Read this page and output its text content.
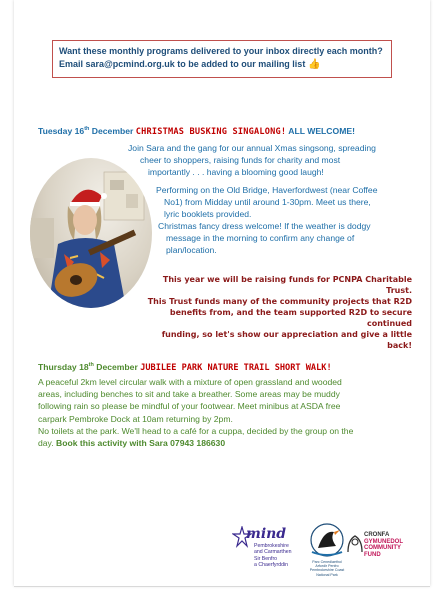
Want these monthly programs delivered to your inbox directly each month?
Email sara@pcmind.org.uk to be added to our mailing list 👍
Tuesday 16th December CHRISTMAS BUSKING SINGALONG! ALL WELCOME!
Join Sara and the gang for our annual Xmas singsong, spreading
cheer to shoppers, raising funds for charity and most
importantly . . . having a blooming good laugh!
Performing on the Old Bridge, Haverfordwest (near Coffee
No1) from Midday until around 1-30pm. Meet us there,
lyric booklets provided.
Christmas fancy dress welcome! If the weather is dodgy
message in the morning to confirm any change of
plan/location.
This year we will be raising funds for PCNPA Charitable Trust.
This Trust funds many of the community projects that R2D
benefits from, and the team supported R2D to secure continued
funding, so let's show our appreciation and give a little back!
Thursday 18th December JUBILEE PARK NATURE TRAIL SHORT WALK!
A peaceful 2km level circular walk with a mixture of open grassland and wooded
areas, including benches to sit and take a breather. Some areas may be muddy
following rain so please be mindful of your footwear. Meet minibus at ASDA free
carpark Pembroke Dock at 10am returning by 2pm.
No toilets at the park. We'll head to a café for a cuppa, decided by the group on the
day. Book this activity with Sara 07943 186630
mind
Pembrokeshire
and Carmarthen
Sir Benfro
a Chaerfyrddin	Parc Cenedlaethol
Arfordir Penfro
Pembrokeshire Coast
National Park
CRONFA
GYMUNEDOL
COMMUNITY
FUND
